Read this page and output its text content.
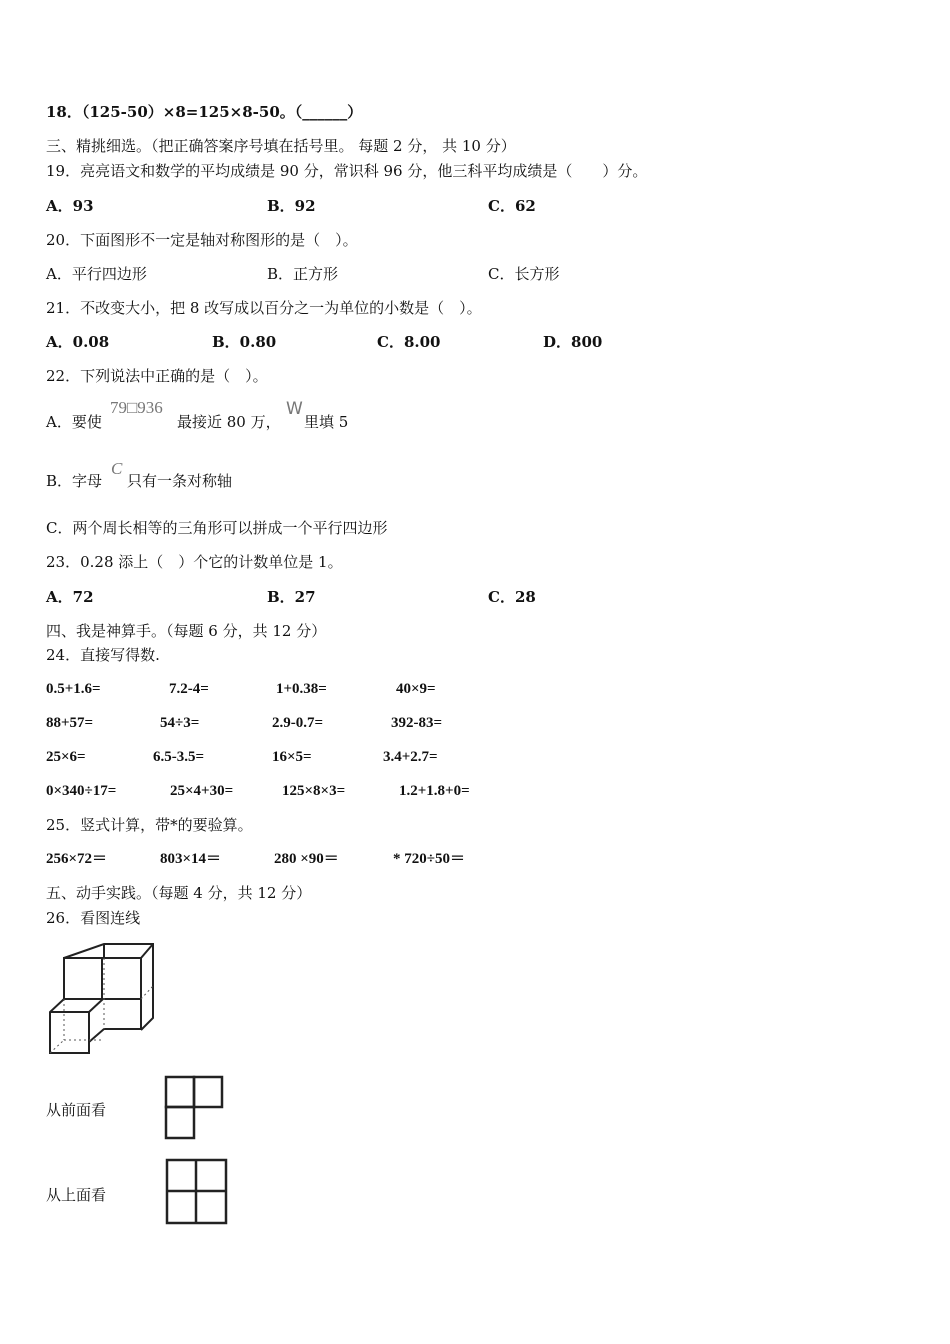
18．（125-50）×8=125×8-50。（______）
三、精挑细选。（把正确答案序号填在括号里。 每题 2 分， 共 10 分）
19．亮亮语文和数学的平均成绩是 90 分，常识科 96 分，他三科平均成绩是（　　）分。
A．93	B．92	C．62
20．下面图形不一定是轴对称图形的是（　）。
A．平行四边形	B．正方形	C．长方形
21．不改变大小，把 8 改写成以百分之一为单位的小数是（　）。
A．0.08	B．0.80	C．8.00	D．800
22．下列说法中正确的是（　）。
A．要使
79□936
最接近 80 万，
W
里填 5
B．字母
C
只有一条对称轴
C．两个周长相等的三角形可以拼成一个平行四边形
23．0.28 添上（　）个它的计数单位是 1。
A．72	B．27	C．28
四、我是神算手。（每题 6 分，共 12 分）
24．直接写得数.
0.5+1.6=	7.2-4=	1+0.38=	40×9=
88+57=	54÷3=	2.9-0.7=	392-83=
25×6=	6.5-3.5=	16×5=	3.4+2.7=
0×340÷17=	25×4+30=	125×8×3=	1.2+1.8+0=
25．竖式计算，带*的要验算。
256×72＝	803×14＝	280 ×90＝	* 720÷50＝
五、动手实践。（每题 4 分，共 12 分）
26．看图连线
从前面看
从上面看
